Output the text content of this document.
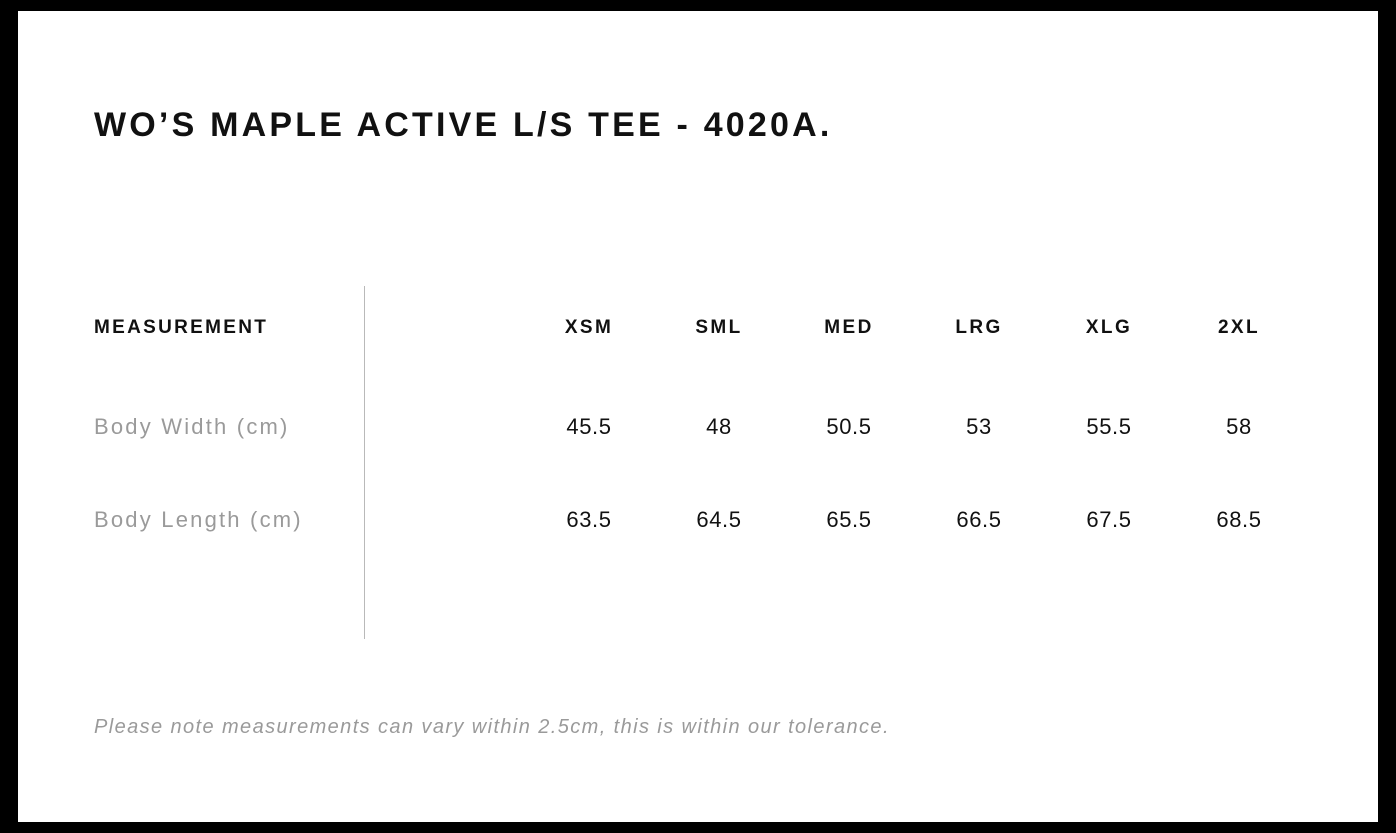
WO’S MAPLE ACTIVE L/S TEE - 4020A.
MEASUREMENT	XSM	SML	MED	LRG	XLG	2XL
Body Width (cm)	45.5	48	50.5	53	55.5	58
Body Length (cm)	63.5	64.5	65.5	66.5	67.5	68.5
Please note measurements can vary within 2.5cm, this is within our tolerance.
